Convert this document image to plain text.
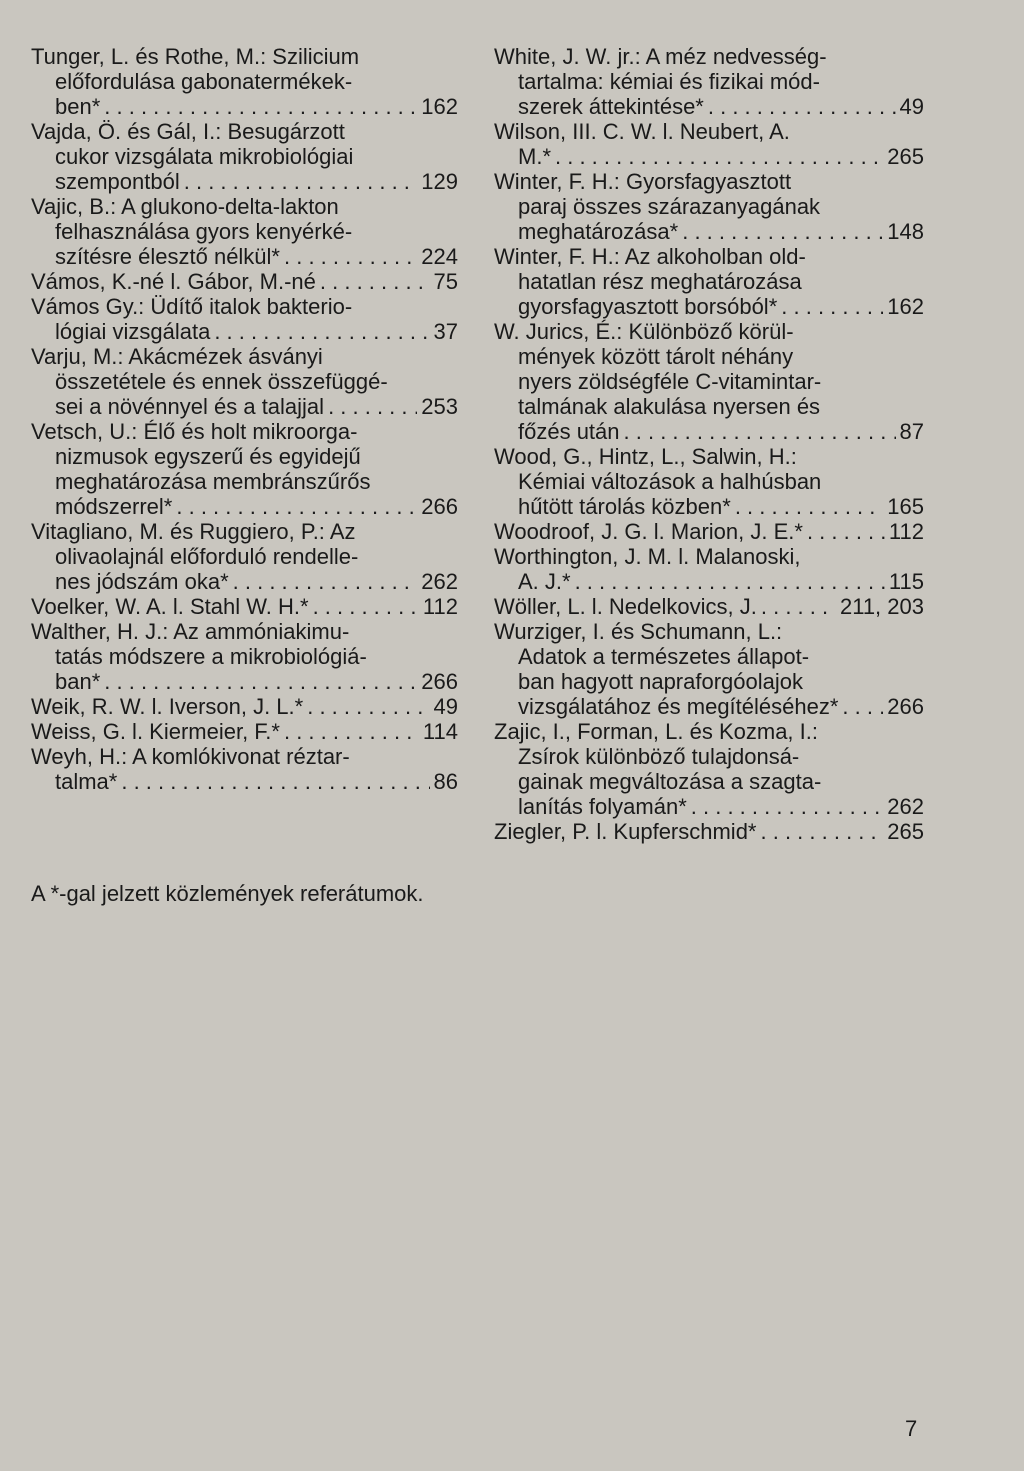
Tunger, L. és Rothe, M.: Szilicium
előfordulása gabonatermékek-
ben* . . .	162
Vajda, Ö. és Gál, I.: Besugárzott
cukor vizsgálata mikrobiológiai
szempontból . . .	129
Vajic, B.: A glukono-delta-lakton
felhasználása gyors kenyérké-
szítésre élesztő nélkül* . . .	224
Vámos, K.-né l. Gábor, M.-né . . .	75
Vámos Gy.: Üdítő italok bakterio-
lógiai vizsgálata . . .	37
Varju, M.: Akácmézek ásványi
összetétele és ennek összefüggé-
sei a növénnyel és a talajjal . . .	253
Vetsch, U.: Élő és holt mikroorga-
nizmusok egyszerű és egyidejű
meghatározása membránszűrős
módszerrel* . . .	266
Vitagliano, M. és Ruggiero, P.: Az
olivaolajnál előforduló rendelle-
nes jódszám oka* . . .	262
Voelker, W. A. l. Stahl W. H.* . . .	112
Walther, H. J.: Az ammóniakimu-
tatás módszere a mikrobiológiá-
ban* . . .	266
Weik, R. W. l. Iverson, J. L.* . . .	49
Weiss, G. l. Kiermeier, F.* . . .	114
Weyh, H.: A komlókivonat réztar-
talma* . . .	86
White, J. W. jr.: A méz nedvesség-
tartalma: kémiai és fizikai mód-
szerek áttekintése* . . .	49
Wilson, III. C. W. l. Neubert, A.
M.* . . .	265
Winter, F. H.: Gyorsfagyasztott
paraj összes szárazanyagának
meghatározása* . . .	148
Winter, F. H.: Az alkoholban old-
hatatlan rész meghatározása
gyorsfagyasztott borsóból* . . .	162
W. Jurics, É.: Különböző körül-
mények között tárolt néhány
nyers zöldségféle C-vitamintar-
talmának alakulása nyersen és
főzés után . . .	87
Wood, G., Hintz, L., Salwin, H.:
Kémiai változások a halhúsban
hűtött tárolás közben* . . .	165
Woodroof, J. G. l. Marion, J. E.* . . .	112
Worthington, J. M. l. Malanoski,
A. J.* . . .	115
Wöller, L. l. Nedelkovics, J. . . .	211, 203
Wurziger, I. és Schumann, L.:
Adatok a természetes állapot-
ban hagyott napraforgóolajok
vizsgálatához és megítéléséhez* . . . 266
Zajic, I., Forman, L. és Kozma, I.:
Zsírok különböző tulajdonsá-
gainak megváltozása a szagta-
lanítás folyamán* . . .	262
Ziegler, P. l. Kupferschmid* . . .	265
A *-gal jelzett közlemények referátumok.
7
